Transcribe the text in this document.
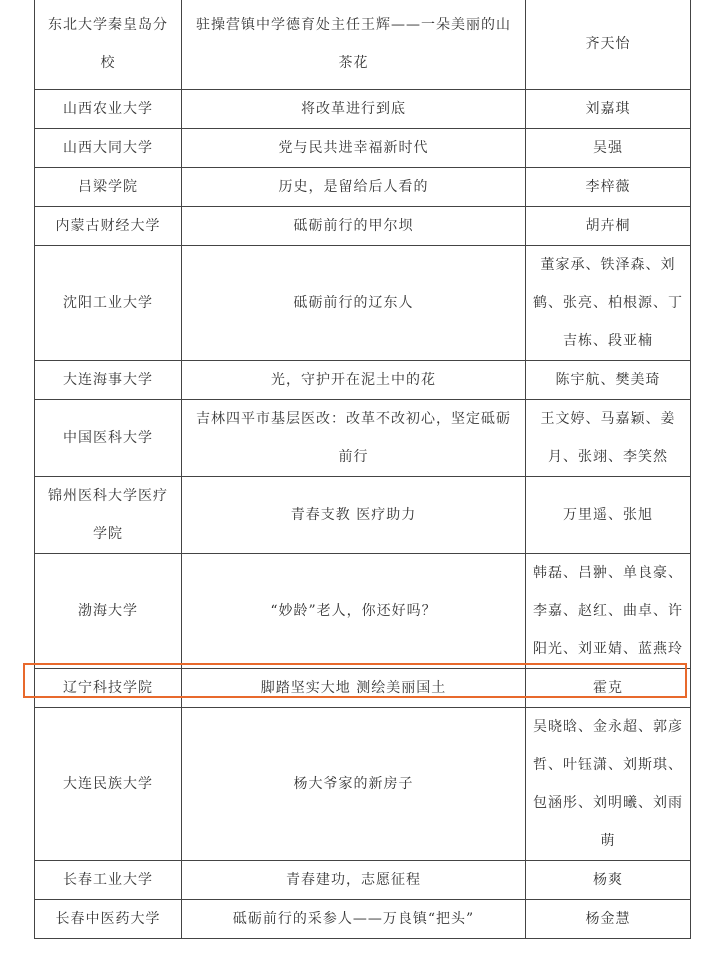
东北大学秦皇岛分校	驻操营镇中学德育处主任王辉——一朵美丽的山茶花	齐天怡
山西农业大学	将改革进行到底	刘嘉琪
山西大同大学	党与民共进幸福新时代	吴强
吕梁学院	历史，是留给后人看的	李梓薇
内蒙古财经大学	砥砺前行的甲尔坝	胡卉桐
沈阳工业大学	砥砺前行的辽东人	董家承、铁泽森、刘鹤、张亮、柏根源、丁吉栋、段亚楠
大连海事大学	光，守护开在泥土中的花	陈宇航、樊美琦
中国医科大学	吉林四平市基层医改：改革不改初心，坚定砥砺前行	王文婷、马嘉颖、姜月、张翊、李笑然
锦州医科大学医疗学院	青春支教 医疗助力	万里遥、张旭
渤海大学	“妙龄”老人，你还好吗？	韩磊、吕翀、单良豪、李嘉、赵红、曲卓、许阳光、刘亚婧、蓝燕玲
辽宁科技学院	脚踏坚实大地 测绘美丽国土	霍克
大连民族大学	杨大爷家的新房子	吴晓晗、金永超、郭彦哲、叶钰潇、刘斯琪、包涵彤、刘明曦、刘雨萌
长春工业大学	青春建功，志愿征程	杨爽
长春中医药大学	砥砺前行的采参人——万良镇“把头”	杨金慧
